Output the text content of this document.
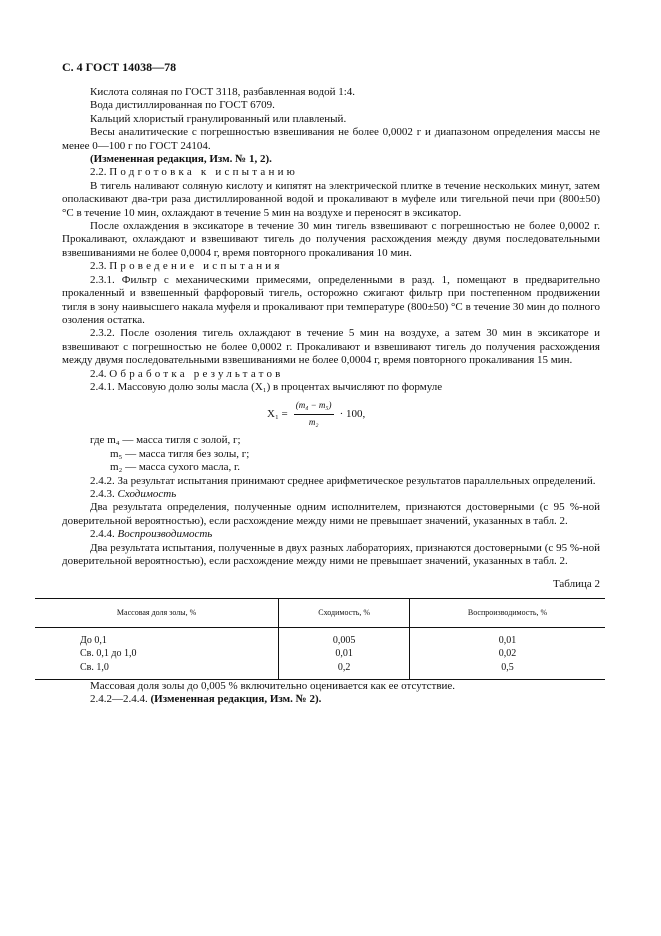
С. 4 ГОСТ 14038—78

Кислота соляная по ГОСТ 3118, разбавленная водой 1:4.

Вода дистиллированная по ГОСТ 6709.

Кальций хлористый гранулированный или плавленый.

Весы аналитические с погрешностью взвешивания не более 0,0002 г и диапазоном определения массы не менее 0—100 г по ГОСТ 24104.

(Измененная редакция, Изм. № 1, 2).

2.2. Подготовка к испытанию

В тигель наливают соляную кислоту и кипятят на электрической плитке в течение нескольких минут, затем ополаскивают два-три раза дистиллированной водой и прокаливают в муфеле или тигельной печи при (800±50) °С в течение 10 мин, охлаждают в течение 5 мин на воздухе и переносят в эксикатор.

После охлаждения в эксикаторе в течение 30 мин тигель взвешивают с погрешностью не более 0,0002 г. Прокаливают, охлаждают и взвешивают тигель до получения расхождения между двумя последовательными взвешиваниями не более 0,0004 г, время повторного прокаливания 10 мин.

2.3. Проведение испытания

2.3.1. Фильтр с механическими примесями, определенными в разд. 1, помещают в предварительно прокаленный и взвешенный фарфоровый тигель, осторожно сжигают фильтр при постепенном продвижении тигля в зону наивысшего накала муфеля и прокаливают при температуре (800±50) °С в течение 30 мин до полного озоления остатка.

2.3.2. После озоления тигель охлаждают в течение 5 мин на воздухе, а затем 30 мин в эксикаторе и взвешивают с погрешностью не более 0,0002 г. Прокаливают и взвешивают тигель до получения расхождения между двумя последовательными взвешиваниями не более 0,0004 г, время повторного прокаливания 15 мин.

2.4. Обработка результатов

2.4.1. Массовую долю золы масла (X₁) в процентах вычисляют по формуле

$X_1 = \frac{\text{(m₄ − m₅)}}{\text{m₂}} \cdot 100$,
где m₄ — масса тигля с золой, г;
m₅ — масса тигля без золы, г;
m₂ — масса сухого масла, г.

2.4.2. За результат испытания принимают среднее арифметическое результатов параллельных определений.

2.4.3. Сходимость

Два результата определения, полученные одним исполнителем, признаются достоверными (с 95 %-ной доверительной вероятностью), если расхождение между ними не превышает значений, указанных в табл. 2.

2.4.4. Воспроизводимость

Два результата испытания, полученные в двух разных лабораториях, признаются достоверными (с 95 %-ной доверительной вероятностью), если расхождение между ними не превышает значений, указанных в табл. 2.

Таблица 2
Массовая доля золы, %	Сходимость, %	Воспроизводимость, %
До 0,1	0,005	0,01
Св. 0,1 до 1,0	0,01	0,02
Св. 1,0	0,2	0,5

Массовая доля золы до 0,005 % включительно оценивается как ее отсутствие.

2.4.2—2.4.4. (Измененная редакция, Изм. № 2).
